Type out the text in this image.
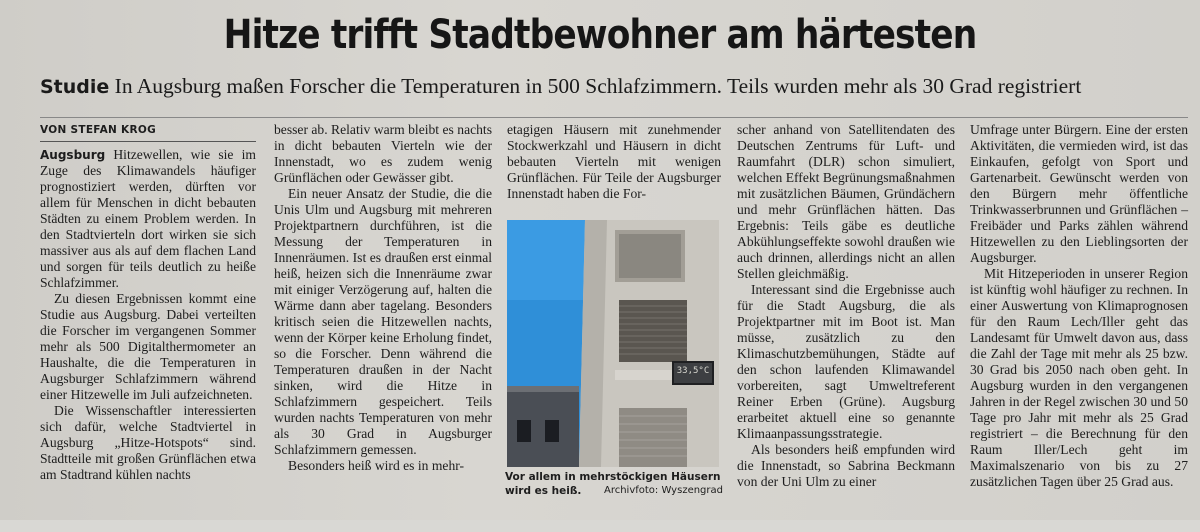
Hitze trifft Stadtbewohner am härtesten
Studie In Augsburg maßen Forscher die Temperaturen in 500 Schlafzimmern. Teils wurden mehr als 30 Grad registriert
VON STEFAN KROG

Augsburg Hitzewellen, wie sie im Zuge des Klimawandels häufiger prognostiziert werden, dürften vor allem für Menschen in dicht bebauten Städten zu einem Problem werden. In den Stadtvierteln dort wirken sie sich massiver aus als auf dem flachen Land und sorgen für teils deutlich zu heiße Schlafzimmer.

Zu diesen Ergebnissen kommt eine Studie aus Augsburg. Dabei verteilten die Forscher im vergangenen Sommer mehr als 500 Digitalthermometer an Haushalte, die die Temperaturen in Augsburger Schlafzimmern während einer Hitzewelle im Juli aufzeichneten.

Die Wissenschaftler interessierten sich dafür, welche Stadtviertel in Augsburg „Hitze-Hotspots“ sind. Stadtteile mit großen Grünflächen etwa am Stadtrand kühlen nachts

besser ab. Relativ warm bleibt es nachts in dicht bebauten Vierteln wie der Innenstadt, wo es zudem wenig Grünflächen oder Gewässer gibt.

Ein neuer Ansatz der Studie, die die Unis Ulm und Augsburg mit mehreren Projektpartnern durchführen, ist die Messung der Temperaturen in Innenräumen. Ist es draußen erst einmal heiß, heizen sich die Innenräume zwar mit einiger Verzögerung auf, halten die Wärme dann aber tagelang. Besonders kritisch seien die Hitzewellen nachts, wenn der Körper keine Erholung findet, so die Forscher. Denn während die Temperaturen draußen in der Nacht sinken, wird die Hitze in Schlafzimmern gespeichert. Teils wurden nachts Temperaturen von mehr als 30 Grad in Augsburger Schlafzimmern gemessen.

Besonders heiß wird es in mehr-

etagigen Häusern mit zunehmender Stockwerkzahl und Häusern in dicht bebauten Vierteln mit wenigen Grünflächen. Für Teile der Augsburger Innenstadt haben die For-

33,5°C
Vor allem in mehrstöckigen Häusern wird es heiß. Archivfoto: Wyszengrad

scher anhand von Satellitendaten des Deutschen Zentrums für Luft- und Raumfahrt (DLR) schon simuliert, welchen Effekt Begrünungsmaßnahmen mit zusätzlichen Bäumen, Gründächern und mehr Grünflächen hätten. Das Ergebnis: Teils gäbe es deutliche Abkühlungseffekte sowohl draußen wie auch drinnen, allerdings nicht an allen Stellen gleichmäßig.

Interessant sind die Ergebnisse auch für die Stadt Augsburg, die als Projektpartner mit im Boot ist. Man müsse, zusätzlich zu den Klimaschutzbemühungen, Städte auf den schon laufenden Klimawandel vorbereiten, sagt Umweltreferent Reiner Erben (Grüne). Augsburg erarbeitet aktuell eine so genannte Klimaanpassungsstrategie.

Als besonders heiß empfunden wird die Innenstadt, so Sabrina Beckmann von der Uni Ulm zu einer

Umfrage unter Bürgern. Eine der ersten Aktivitäten, die vermieden wird, ist das Einkaufen, gefolgt von Sport und Gartenarbeit. Gewünscht werden von den Bürgern mehr öffentliche Trinkwasserbrunnen und Grünflächen – Freibäder und Parks zählen während Hitzewellen zu den Lieblingsorten der Augsburger.

Mit Hitzeperioden in unserer Region ist künftig wohl häufiger zu rechnen. In einer Auswertung von Klimaprognosen für den Raum Lech/Iller geht das Landesamt für Umwelt davon aus, dass die Zahl der Tage mit mehr als 25 bzw. 30 Grad bis 2050 nach oben geht. In Augsburg wurden in den vergangenen Jahren in der Regel zwischen 30 und 50 Tage pro Jahr mit mehr als 25 Grad registriert – die Berechnung für den Raum Iller/Lech geht im Maximalszenario von bis zu 27 zusätzlichen Tagen über 25 Grad aus.
